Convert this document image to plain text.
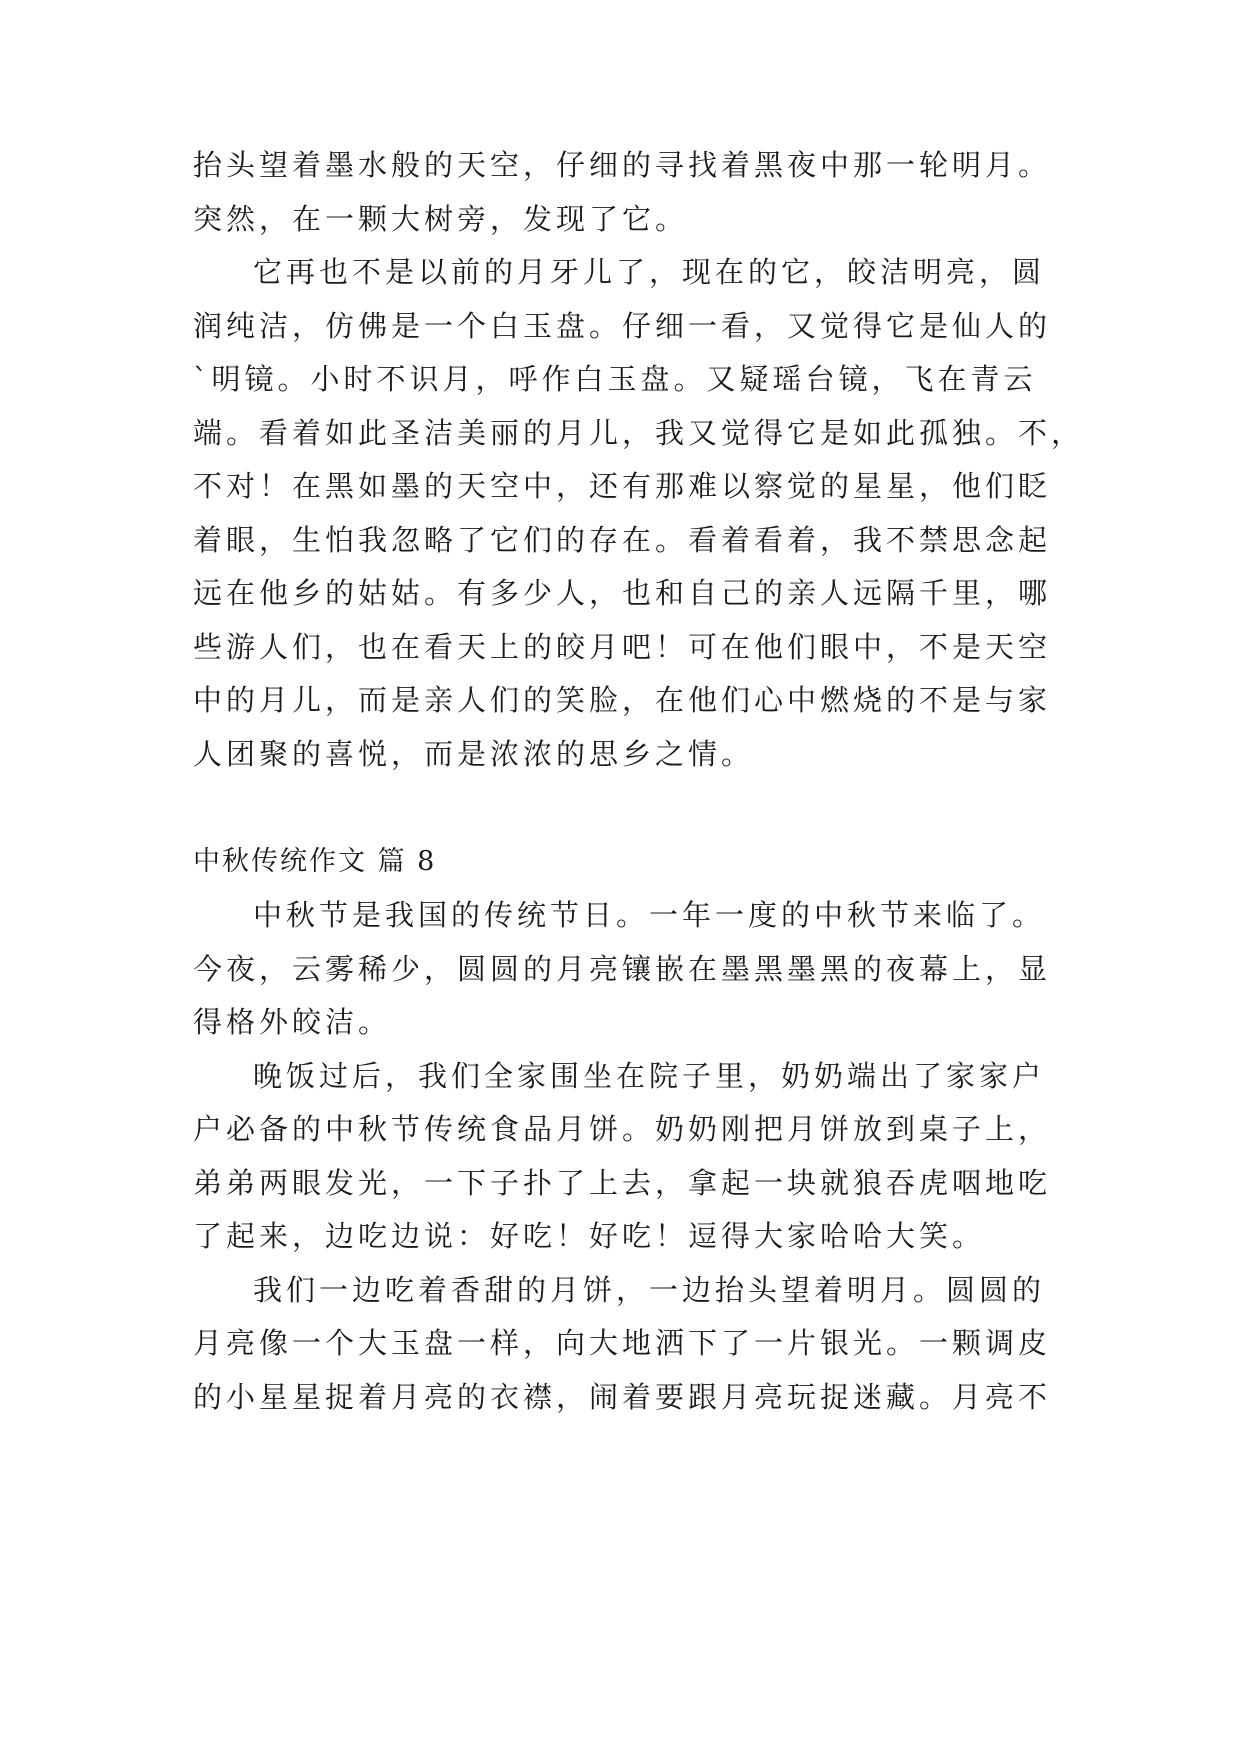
抬头望着墨水般的天空，仔细的寻找着黑夜中那一轮明月。
突然，在一颗大树旁，发现了它。
它再也不是以前的月牙儿了，现在的它，皎洁明亮，圆
润纯洁，仿佛是一个白玉盘。仔细一看，又觉得它是仙人的
`明镜。小时不识月，呼作白玉盘。又疑瑶台镜，飞在青云
端。看着如此圣洁美丽的月儿，我又觉得它是如此孤独。不，
不对！在黑如墨的天空中，还有那难以察觉的星星，他们眨
着眼，生怕我忽略了它们的存在。看着看着，我不禁思念起
远在他乡的姑姑。有多少人，也和自己的亲人远隔千里，哪
些游人们，也在看天上的皎月吧！可在他们眼中，不是天空
中的月儿，而是亲人们的笑脸，在他们心中燃烧的不是与家
人团聚的喜悦，而是浓浓的思乡之情。
中秋传统作文 篇 8
中秋节是我国的传统节日。一年一度的中秋节来临了。
今夜，云雾稀少，圆圆的月亮镶嵌在墨黑墨黑的夜幕上，显
得格外皎洁。
晚饭过后，我们全家围坐在院子里，奶奶端出了家家户
户必备的中秋节传统食品月饼。奶奶刚把月饼放到桌子上，
弟弟两眼发光，一下子扑了上去，拿起一块就狼吞虎咽地吃
了起来，边吃边说：好吃！好吃！逗得大家哈哈大笑。
我们一边吃着香甜的月饼，一边抬头望着明月。圆圆的
月亮像一个大玉盘一样，向大地洒下了一片银光。一颗调皮
的小星星捉着月亮的衣襟，闹着要跟月亮玩捉迷藏。月亮不
